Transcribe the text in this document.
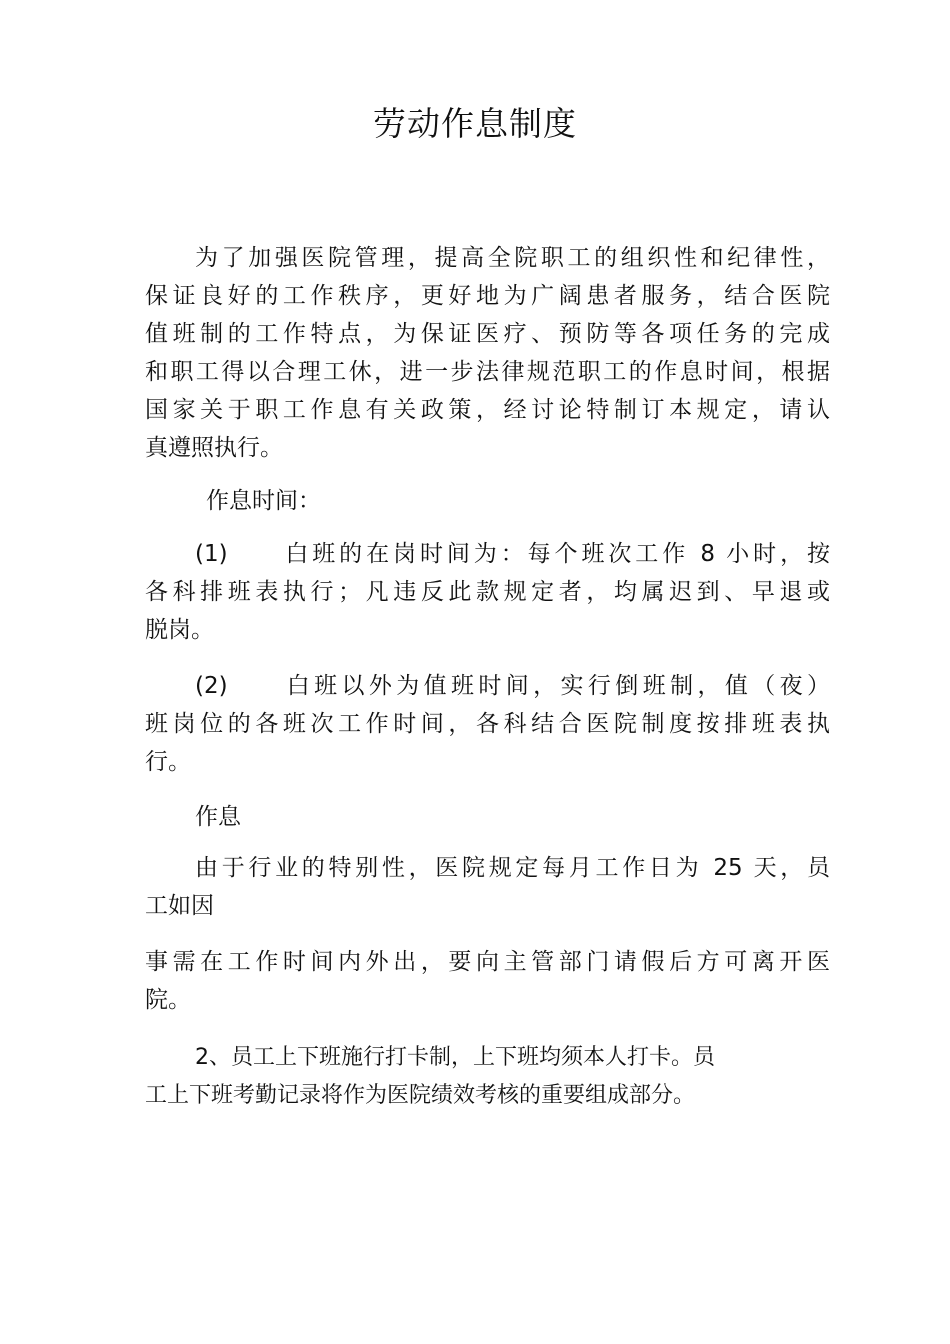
劳动作息制度
为了加强医院管理，提高全院职工的组织性和纪律性，
保证良好的工作秩序，更好地为广阔患者服务，结合医院
值班制的工作特点，为保证医疗、预防等各项任务的完成
和职工得以合理工休，进一步法律规范职工的作息时间，根据
国家关于职工作息有关政策，经讨论特制订本规定，请认
真遵照执行。
作息时间：
(1)　　白班的在岗时间为：每个班次工作 8 小时，按
各科排班表执行；凡违反此款规定者，均属迟到、早退或
脱岗。
(2)　　白班以外为值班时间，实行倒班制，值（夜）
班岗位的各班次工作时间，各科结合医院制度按排班表执
行。
作息
由于行业的特别性，医院规定每月工作日为 25 天，员
工如因
事需在工作时间内外出，要向主管部门请假后方可离开医
院。
2、员工上下班施行打卡制，上下班均须本人打卡。员
工上下班考勤记录将作为医院绩效考核的重要组成部分。
